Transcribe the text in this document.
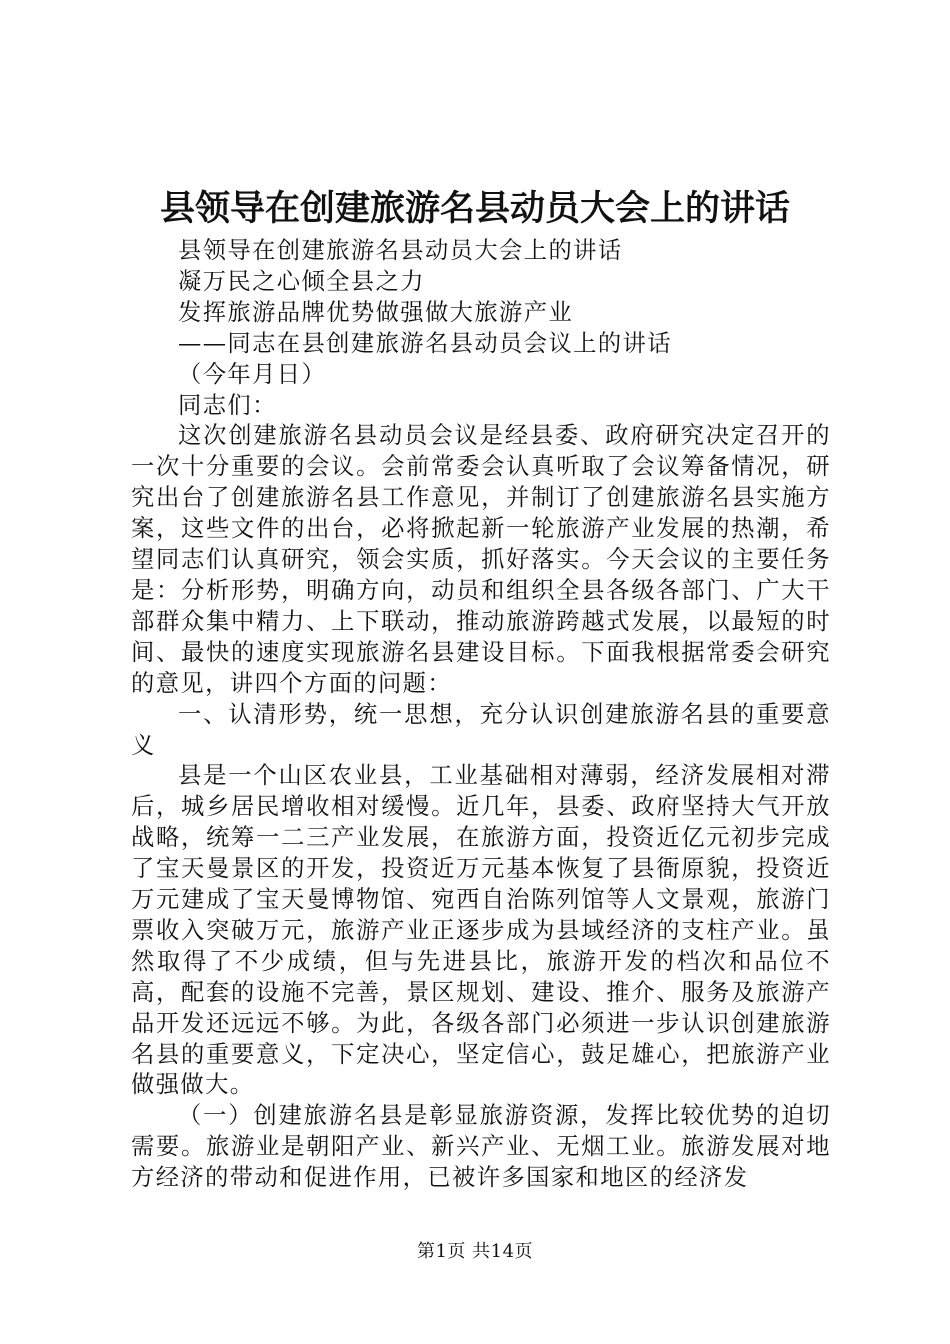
县领导在创建旅游名县动员大会上的讲话

县领导在创建旅游名县动员大会上的讲话

凝万民之心倾全县之力

发挥旅游品牌优势做强做大旅游产业

——同志在县创建旅游名县动员会议上的讲话

（今年月日）

同志们：

这次创建旅游名县动员会议是经县委、政府研究决定召开的一次十分重要的会议。会前常委会认真听取了会议筹备情况，研究出台了创建旅游名县工作意见，并制订了创建旅游名县实施方案，这些文件的出台，必将掀起新一轮旅游产业发展的热潮，希望同志们认真研究，领会实质，抓好落实。今天会议的主要任务是：分析形势，明确方向，动员和组织全县各级各部门、广大干部群众集中精力、上下联动，推动旅游跨越式发展，以最短的时间、最快的速度实现旅游名县建设目标。下面我根据常委会研究的意见，讲四个方面的问题：

一、认清形势，统一思想，充分认识创建旅游名县的重要意义

县是一个山区农业县，工业基础相对薄弱，经济发展相对滞后，城乡居民增收相对缓慢。近几年，县委、政府坚持大气开放战略，统筹一二三产业发展，在旅游方面，投资近亿元初步完成了宝天曼景区的开发，投资近万元基本恢复了县衙原貌，投资近万元建成了宝天曼博物馆、宛西自治陈列馆等人文景观，旅游门票收入突破万元，旅游产业正逐步成为县域经济的支柱产业。虽然取得了不少成绩，但与先进县比，旅游开发的档次和品位不高，配套的设施不完善，景区规划、建设、推介、服务及旅游产品开发还远远不够。为此，各级各部门必须进一步认识创建旅游名县的重要意义，下定决心，坚定信心，鼓足雄心，把旅游产业做强做大。

（一）创建旅游名县是彰显旅游资源，发挥比较优势的迫切需要。旅游业是朝阳产业、新兴产业、无烟工业。旅游发展对地方经济的带动和促进作用，已被许多国家和地区的经济发

第1页 共14页
